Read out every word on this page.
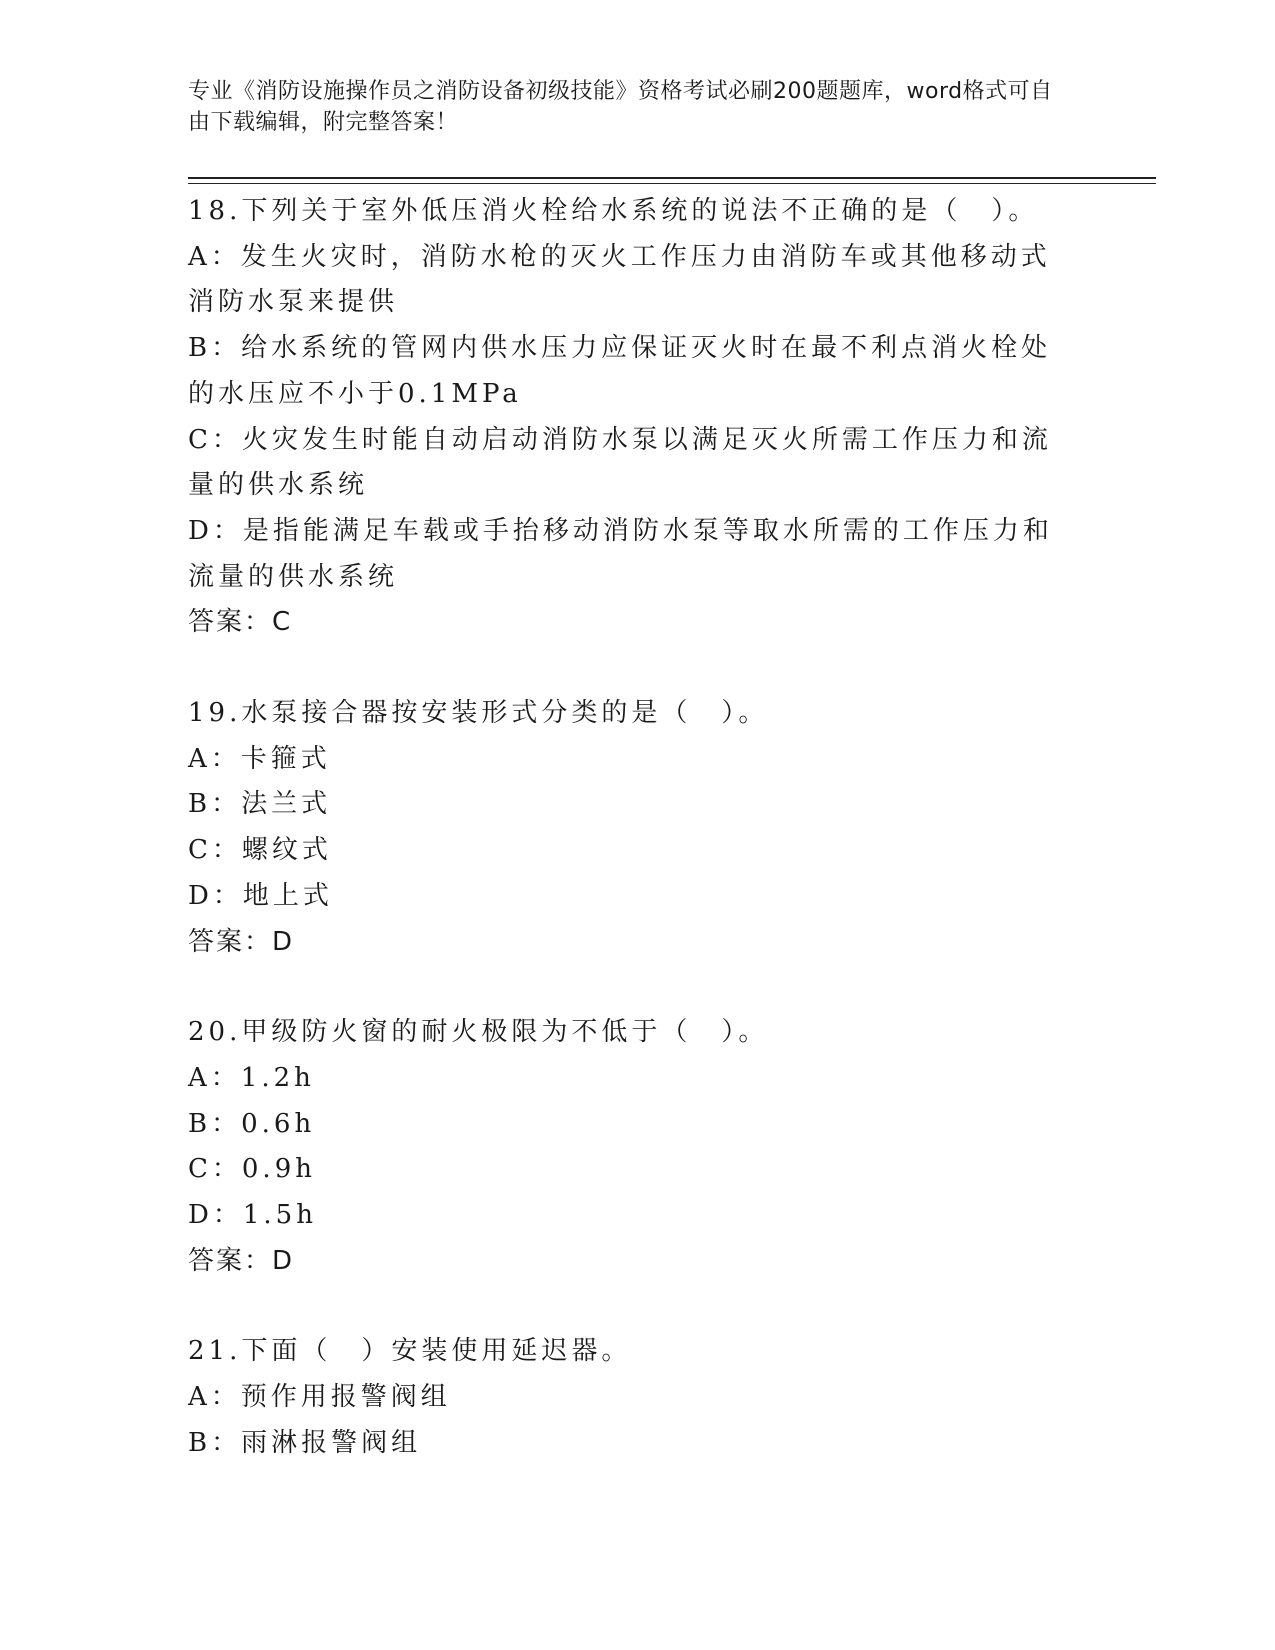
专业《消防设施操作员之消防设备初级技能》资格考试必刷200题题库，word格式可自由下载编辑，附完整答案！
18.下列关于室外低压消火栓给水系统的说法不正确的是（　）。
A：发生火灾时，消防水枪的灭火工作压力由消防车或其他移动式消防水泵来提供
B：给水系统的管网内供水压力应保证灭火时在最不利点消火栓处的水压应不小于0.1MPa
C：火灾发生时能自动启动消防水泵以满足灭火所需工作压力和流量的供水系统
D：是指能满足车载或手抬移动消防水泵等取水所需的工作压力和流量的供水系统
答案：C
19.水泵接合器按安装形式分类的是（　）。
A：卡箍式
B：法兰式
C：螺纹式
D：地上式
答案：D
20.甲级防火窗的耐火极限为不低于（　）。
A：1.2h
B：0.6h
C：0.9h
D：1.5h
答案：D
21.下面（　）安装使用延迟器。
A：预作用报警阀组
B：雨淋报警阀组
